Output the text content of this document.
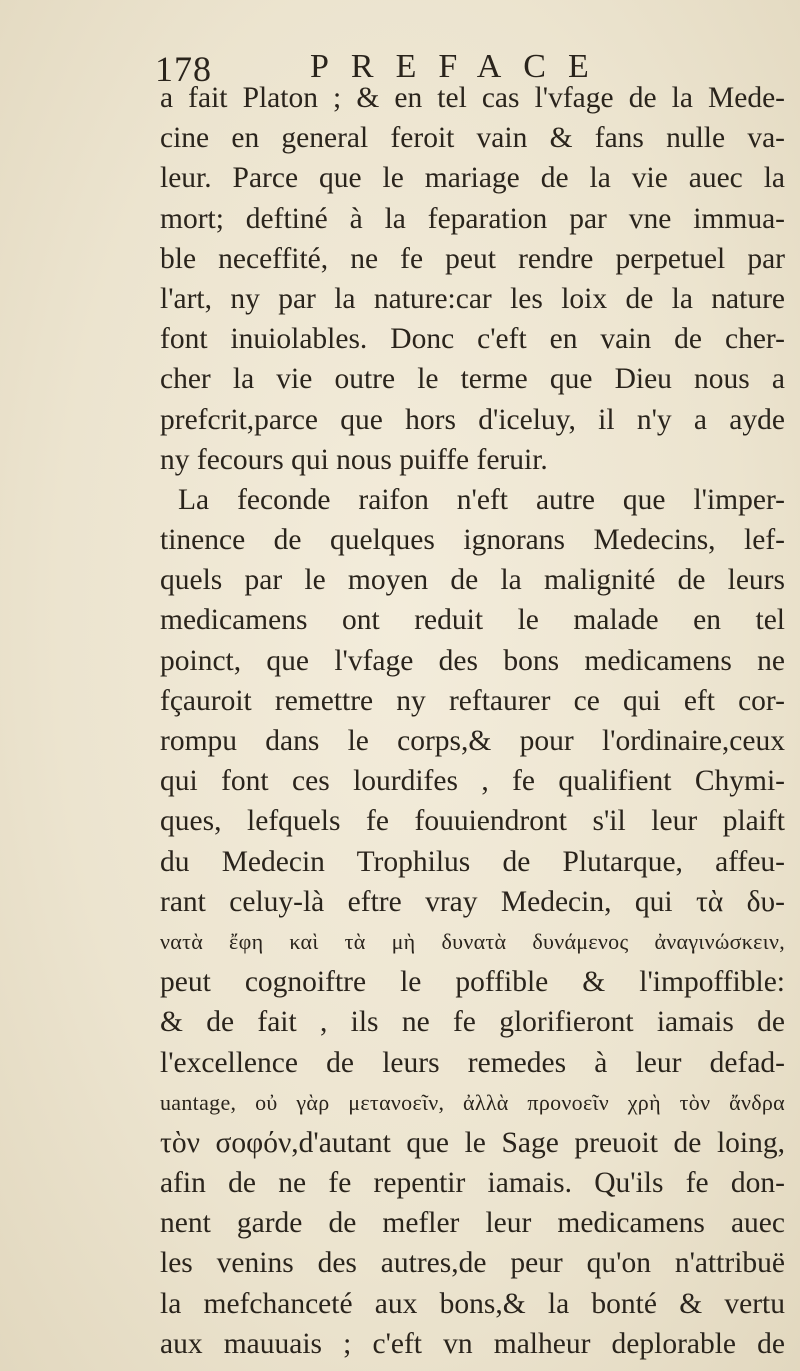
178	PREFACE
a fait Platon ; & en tel cas l'vfage de la Mede-
cine en general feroit vain & fans nulle va-
leur. Parce que le mariage de la vie auec la
mort; deftiné à la feparation par vne immua-
ble neceffité, ne fe peut rendre perpetuel par
l'art, ny par la nature:car les loix de la nature
font inuiolables. Donc c'eft en vain de cher-
cher la vie outre le terme que Dieu nous a
prefcrit,parce que hors d'iceluy, il n'y a ayde
ny fecours qui nous puiffe feruir.
La feconde raifon n'eft autre que l'imper-
tinence de quelques ignorans Medecins, lef-
quels par le moyen de la malignité de leurs
medicamens ont reduit le malade en tel
poinct, que l'vfage des bons medicamens ne
fçauroit remettre ny reftaurer ce qui eft cor-
rompu dans le corps,& pour l'ordinaire,ceux
qui font ces lourdifes , fe qualifient Chymi-
ques, lefquels fe fouuiendront s'il leur plaift
du Medecin Trophilus de Plutarque, affeu-
rant celuy-là eftre vray Medecin, qui τὰ δυ-
νατὰ ἔφη καὶ τὰ μὴ δυνατὰ δυνάμενος ἀναγινώσκειν,
peut cognoiftre le poffible & l'impoffible:
& de fait , ils ne fe glorifieront iamais de
l'excellence de leurs remedes à leur defad-
uantage, οὐ γὰρ μετανοεῖν, ἀλλὰ προνοεῖν χρὴ τὸν ἄνδρα
τὸν σοφόν,d'autant que le Sage preuoit de loing,
afin de ne fe repentir iamais. Qu'ils fe don-
nent garde de mefler leur medicamens auec
les venins des autres,de peur qu'on n'attribuë
la mefchanceté aux bons,& la bonté & vertu
aux mauuais ; c'eft vn malheur deplorable de
